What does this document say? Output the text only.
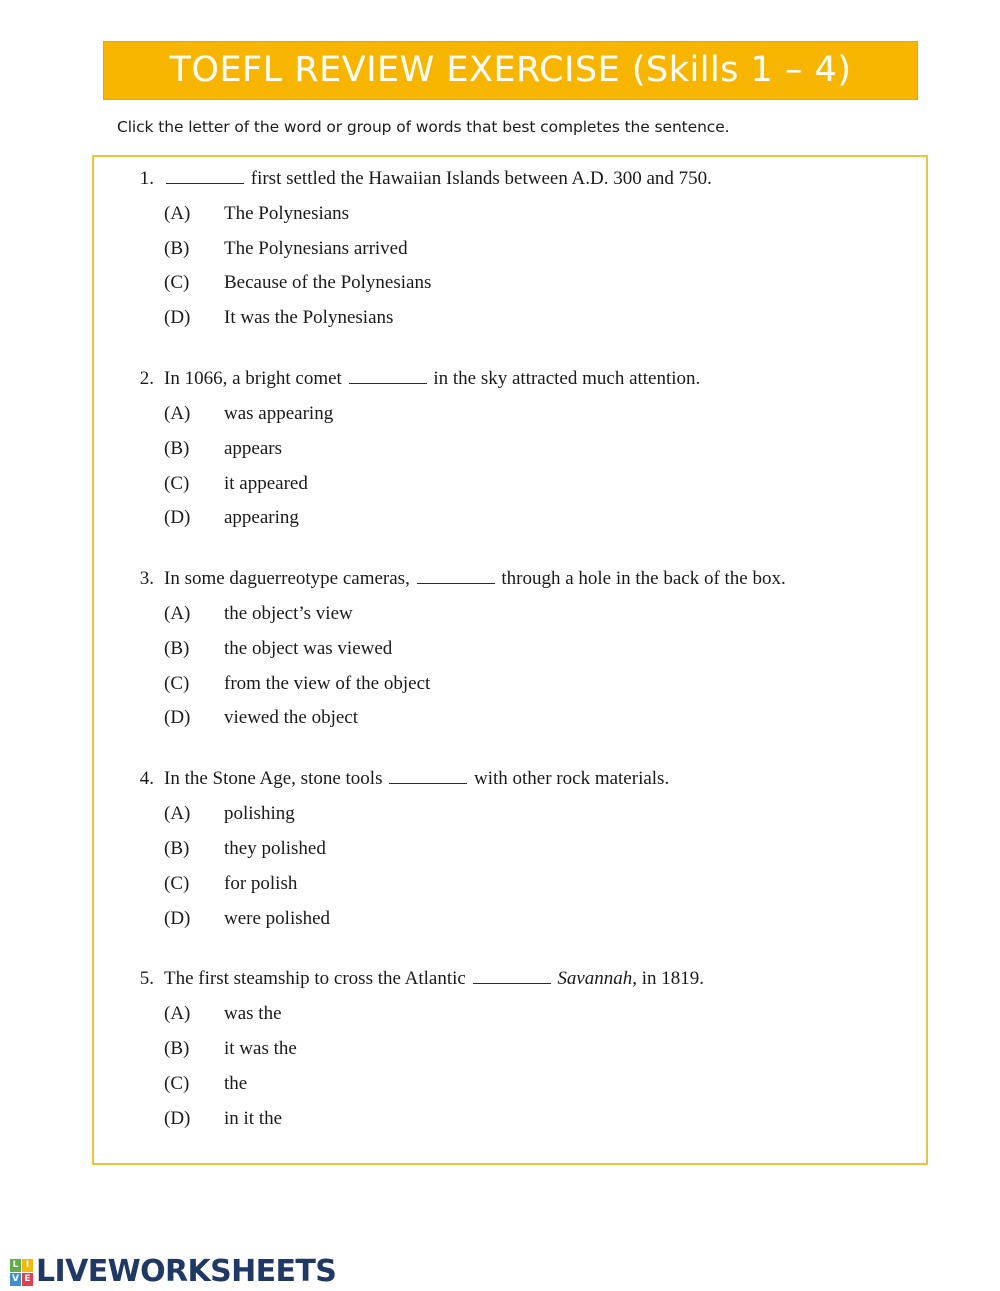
TOEFL REVIEW EXERCISE (Skills 1 – 4)
Click the letter of the word or group of words that best completes the sentence.
1.	first settled the Hawaiian Islands between A.D. 300 and 750.
(A)	The Polynesians
(B)	The Polynesians arrived
(C)	Because of the Polynesians
(D)	It was the Polynesians
2. In 1066, a bright comet	in the sky attracted much attention.
(A)	was appearing
(B)	appears
(C)	it appeared
(D)	appearing
3. In some daguerreotype cameras,	through a hole in the back of the box.
(A)	the object’s view
(B)	the object was viewed
(C)	from the view of the object
(D)	viewed the object
4. In the Stone Age, stone tools	with other rock materials.
(A)	polishing
(B)	they polished
(C)	for polish
(D)	were polished
5. The first steamship to cross the Atlantic	Savannah, in 1819.
(A)	was the
(B)	it was the
(C)	the
(D)	in it the
L I
V E LIVEWORKSHEETS
